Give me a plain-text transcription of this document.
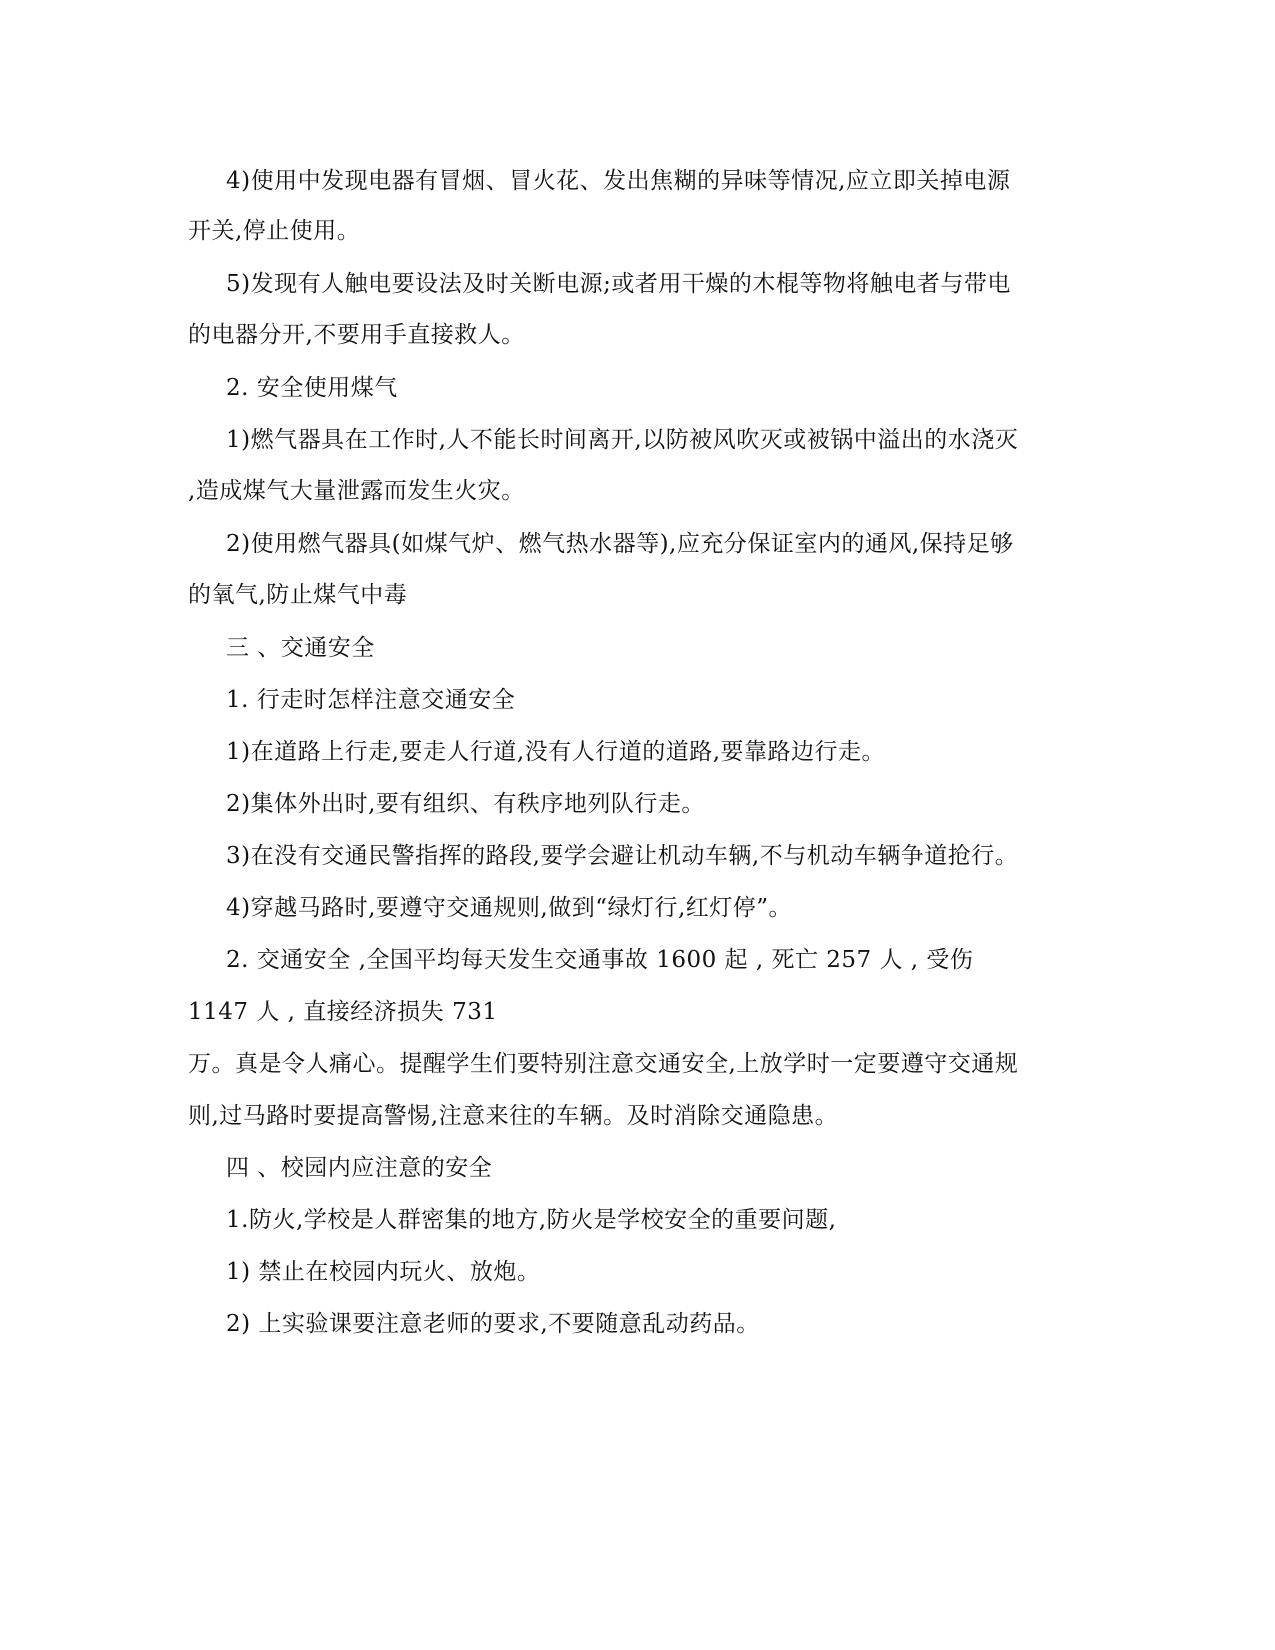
4)使用中发现电器有冒烟、冒火花、发出焦糊的异味等情况,应立即关掉电源
开关,停止使用。
5)发现有人触电要设法及时关断电源;或者用干燥的木棍等物将触电者与带电
的电器分开,不要用手直接救人。
2. 安全使用煤气
1)燃气器具在工作时,人不能长时间离开,以防被风吹灭或被锅中溢出的水浇灭
,造成煤气大量泄露而发生火灾。
2)使用燃气器具(如煤气炉、燃气热水器等),应充分保证室内的通风,保持足够
的氧气,防止煤气中毒
三 、交通安全
1. 行走时怎样注意交通安全
1)在道路上行走,要走人行道,没有人行道的道路,要靠路边行走。
2)集体外出时,要有组织、有秩序地列队行走。
3)在没有交通民警指挥的路段,要学会避让机动车辆,不与机动车辆争道抢行。
4)穿越马路时,要遵守交通规则,做到“绿灯行,红灯停”。
2. 交通安全 ,全国平均每天发生交通事故 1600 起 , 死亡 257 人 , 受伤
1147 人 , 直接经济损失 731
万。真是令人痛心。提醒学生们要特别注意交通安全,上放学时一定要遵守交通规
则,过马路时要提高警惕,注意来往的车辆。及时消除交通隐患。
四 、校园内应注意的安全
1.防火,学校是人群密集的地方,防火是学校安全的重要问题,
1) 禁止在校园内玩火、放炮。
2) 上实验课要注意老师的要求,不要随意乱动药品。
